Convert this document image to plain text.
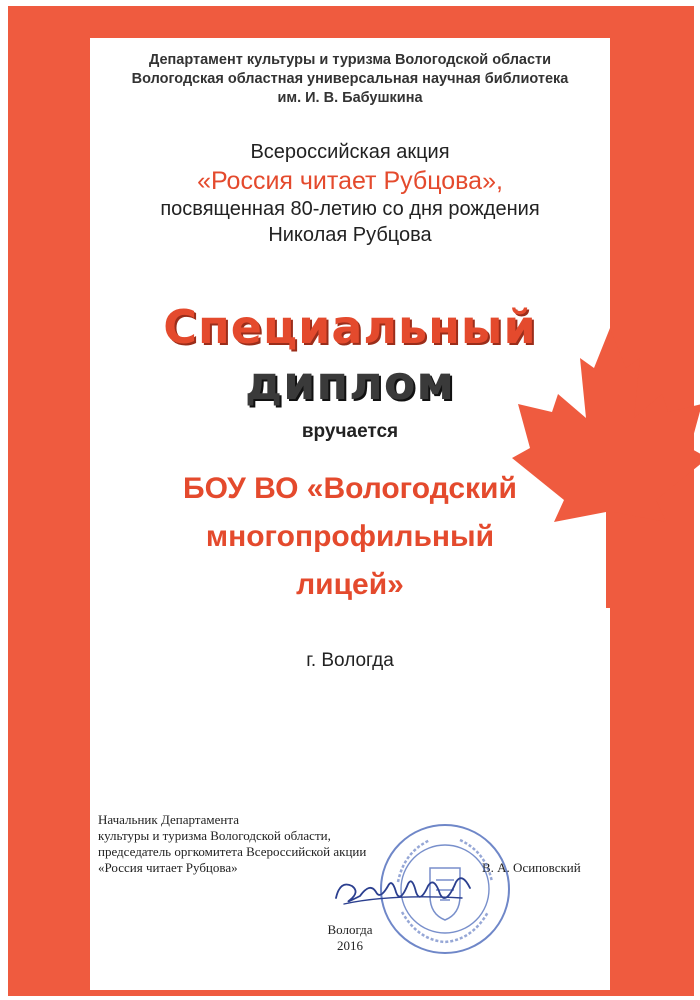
Департамент культуры и туризма Вологодской области
Вологодская областная универсальная научная библиотека
им. И. В. Бабушкина
Всероссийская акция
«Россия читает Рубцова»,
посвященная 80-летию со дня рождения
Николая Рубцова
Специальный
диплом
вручается
БОУ ВО «Вологодский
многопрофильный
лицей»
г. Вологда
Начальник Департамента
культуры и туризма Вологодской области,
председатель оргкомитета Всероссийской акции
«Россия читает Рубцова»	В. А. Осиповский
Вологда
2016
